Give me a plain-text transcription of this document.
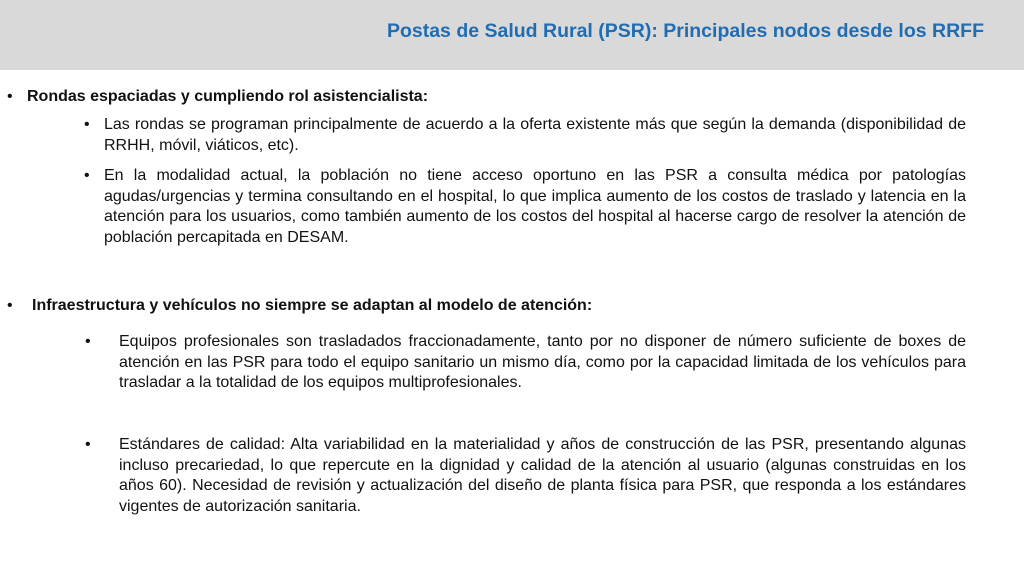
Postas de Salud Rural (PSR): Principales nodos desde los RRFF
• Rondas espaciadas y cumpliendo rol asistencialista:
• Las rondas se programan principalmente de acuerdo a la oferta existente más que según la demanda (disponibilidad de RRHH, móvil, viáticos, etc).
• En la modalidad actual, la población no tiene acceso oportuno en las PSR a consulta médica por patologías agudas/urgencias y termina consultando en el hospital, lo que implica aumento de los costos de traslado y latencia en la atención para los usuarios, como también aumento de los costos del hospital al hacerse cargo de resolver la atención de población percapitada en DESAM.
• Infraestructura y vehículos no siempre se adaptan al modelo de atención:
• Equipos profesionales son trasladados fraccionadamente, tanto por no disponer de número suficiente de boxes de atención en las PSR para todo el equipo sanitario un mismo día, como por la capacidad limitada de los vehículos para trasladar a la totalidad de los equipos multiprofesionales.
• Estándares de calidad: Alta variabilidad en la materialidad y años de construcción de las PSR, presentando algunas incluso precariedad, lo que repercute en la dignidad y calidad de la atención al usuario (algunas construidas en los años 60). Necesidad de revisión y actualización del diseño de planta física para PSR, que responda a los estándares vigentes de autorización sanitaria.
